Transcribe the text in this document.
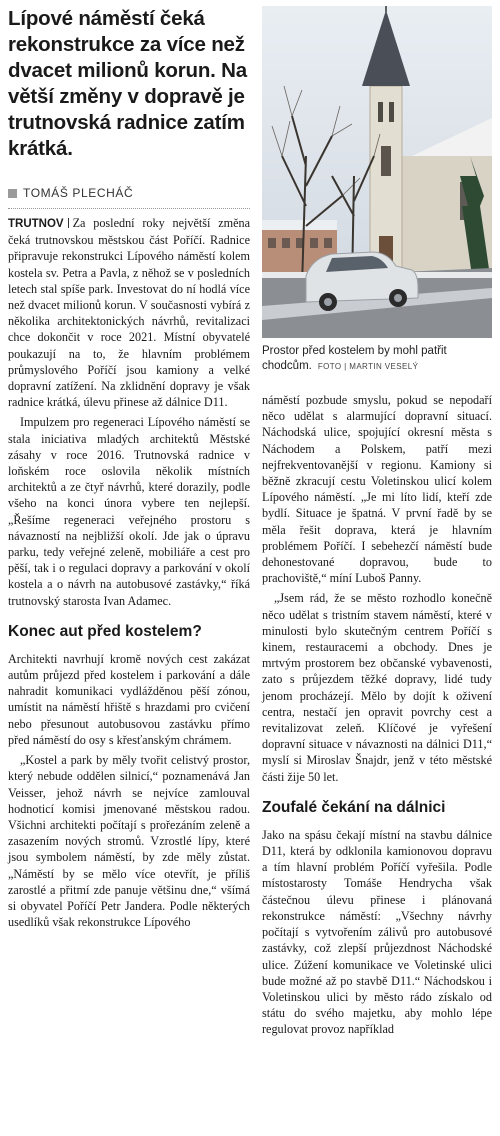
Lípové náměstí čeká rekonstrukce za více než dvacet milionů korun. Na větší změny v dopravě je trutnovská radnice zatím krátká.
TOMÁŠ PLECHÁČ

TRUTNOV Za poslední roky největší změna čeká trutnovskou městskou část Poříčí. Radnice připravuje rekonstrukci Lípového náměstí kolem kostela sv. Petra a Pavla, z něhož se v posledních letech stal spíše park. Investovat do ní hodlá více než dvacet milionů korun. V současnosti vybírá z několika architektonických návrhů, revitalizaci chce dokončit v roce 2021. Místní obyvatelé poukazují na to, že hlavním problémem průmyslového Poříčí jsou kamiony a velké dopravní zatížení. Na zklidnění dopravy je však radnice krátká, úlevu přinese až dálnice D11.

Impulzem pro regeneraci Lípového náměstí se stala iniciativa mladých architektů Městské zásahy v roce 2016. Trutnovská radnice v loňském roce oslovila několik místních architektů a ze čtyř návrhů, které dorazily, podle všeho na konci února vybere ten nejlepší. „Řešíme regeneraci veřejného prostoru s návazností na nejbližší okolí. Jde jak o úpravu parku, tedy veřejné zeleně, mobiliáře a cest pro pěší, tak i o regulaci dopravy a parkování v okolí kostela a o návrh na autobusové zastávky,“ říká trutnovský starosta Ivan Adamec.

Konec aut před kostelem?

Architekti navrhují kromě nových cest zakázat autům průjezd před kostelem i parkování a dále nahradit komunikaci vydlážděnou pěší zónou, umístit na náměstí hřiště s hrazdami pro cvičení nebo přesunout autobusovou zastávku přímo před náměstí do osy s křesťanským chrámem.

„Kostel a park by měly tvořit celistvý prostor, který nebude oddělen silnicí,“ poznamenává Jan Veisser, jehož návrh se nejvíce zamlouval hodnoticí komisi jmenované městskou radou. Všichni architekti počítají s prořezáním zeleně a zasazením nových stromů. Vzrostlé lípy, které jsou symbolem náměstí, by zde měly zůstat. „Náměstí by se mělo více otevřít, je příliš zarostlé a přitmí zde panuje většinu dne,“ všímá si obyvatel Poříčí Petr Jandera. Podle některých usedlíků však rekonstrukce Lípového

Prostor před kostelem by mohl patřit chodcům. FOTO | MARTIN VESELÝ

náměstí pozbude smyslu, pokud se nepodaří něco udělat s alarmující dopravní situací. Náchodská ulice, spojující okresní města s Náchodem a Polskem, patří mezi nejfrekventovanější v regionu. Kamiony si běžně zkracují cestu Voletinskou ulicí kolem Lípového náměstí. „Je mi líto lidí, kteří zde bydlí. Situace je špatná. V první řadě by se měla řešit doprava, která je hlavním problémem Poříčí. I sebehezčí náměstí bude dehonestované dopravou, bude to prachoviště,“ míní Luboš Panny.

„Jsem rád, že se město rozhodlo konečně něco udělat s tristním stavem náměstí, které v minulosti bylo skutečným centrem Poříčí s kinem, restauracemi a obchody. Dnes je mrtvým prostorem bez občanské vybavenosti, zato s průjezdem těžké dopravy, lidé tudy jenom procházejí. Mělo by dojít k oživení centra, nestačí jen opravit povrchy cest a revitalizovat zeleň. Klíčové je vyřešení dopravní situace v návaznosti na dálnici D11,“ myslí si Miroslav Šnajdr, jenž v této městské části žije 50 let.

Zoufalé čekání na dálnici

Jako na spásu čekají místní na stavbu dálnice D11, která by odklonila kamionovou dopravu a tím hlavní problém Poříčí vyřešila. Podle místostarosty Tomáše Hendrycha však částečnou úlevu přinese i plánovaná rekonstrukce náměstí: „Všechny návrhy počítají s vytvořením zálivů pro autobusové zastávky, což zlepší průjezdnost Náchodské ulice. Zúžení komunikace ve Voletinské ulici bude možné až po stavbě D11.“ Náchodskou i Voletinskou ulici by město rádo získalo od státu do svého majetku, aby mohlo lépe regulovat provoz například
